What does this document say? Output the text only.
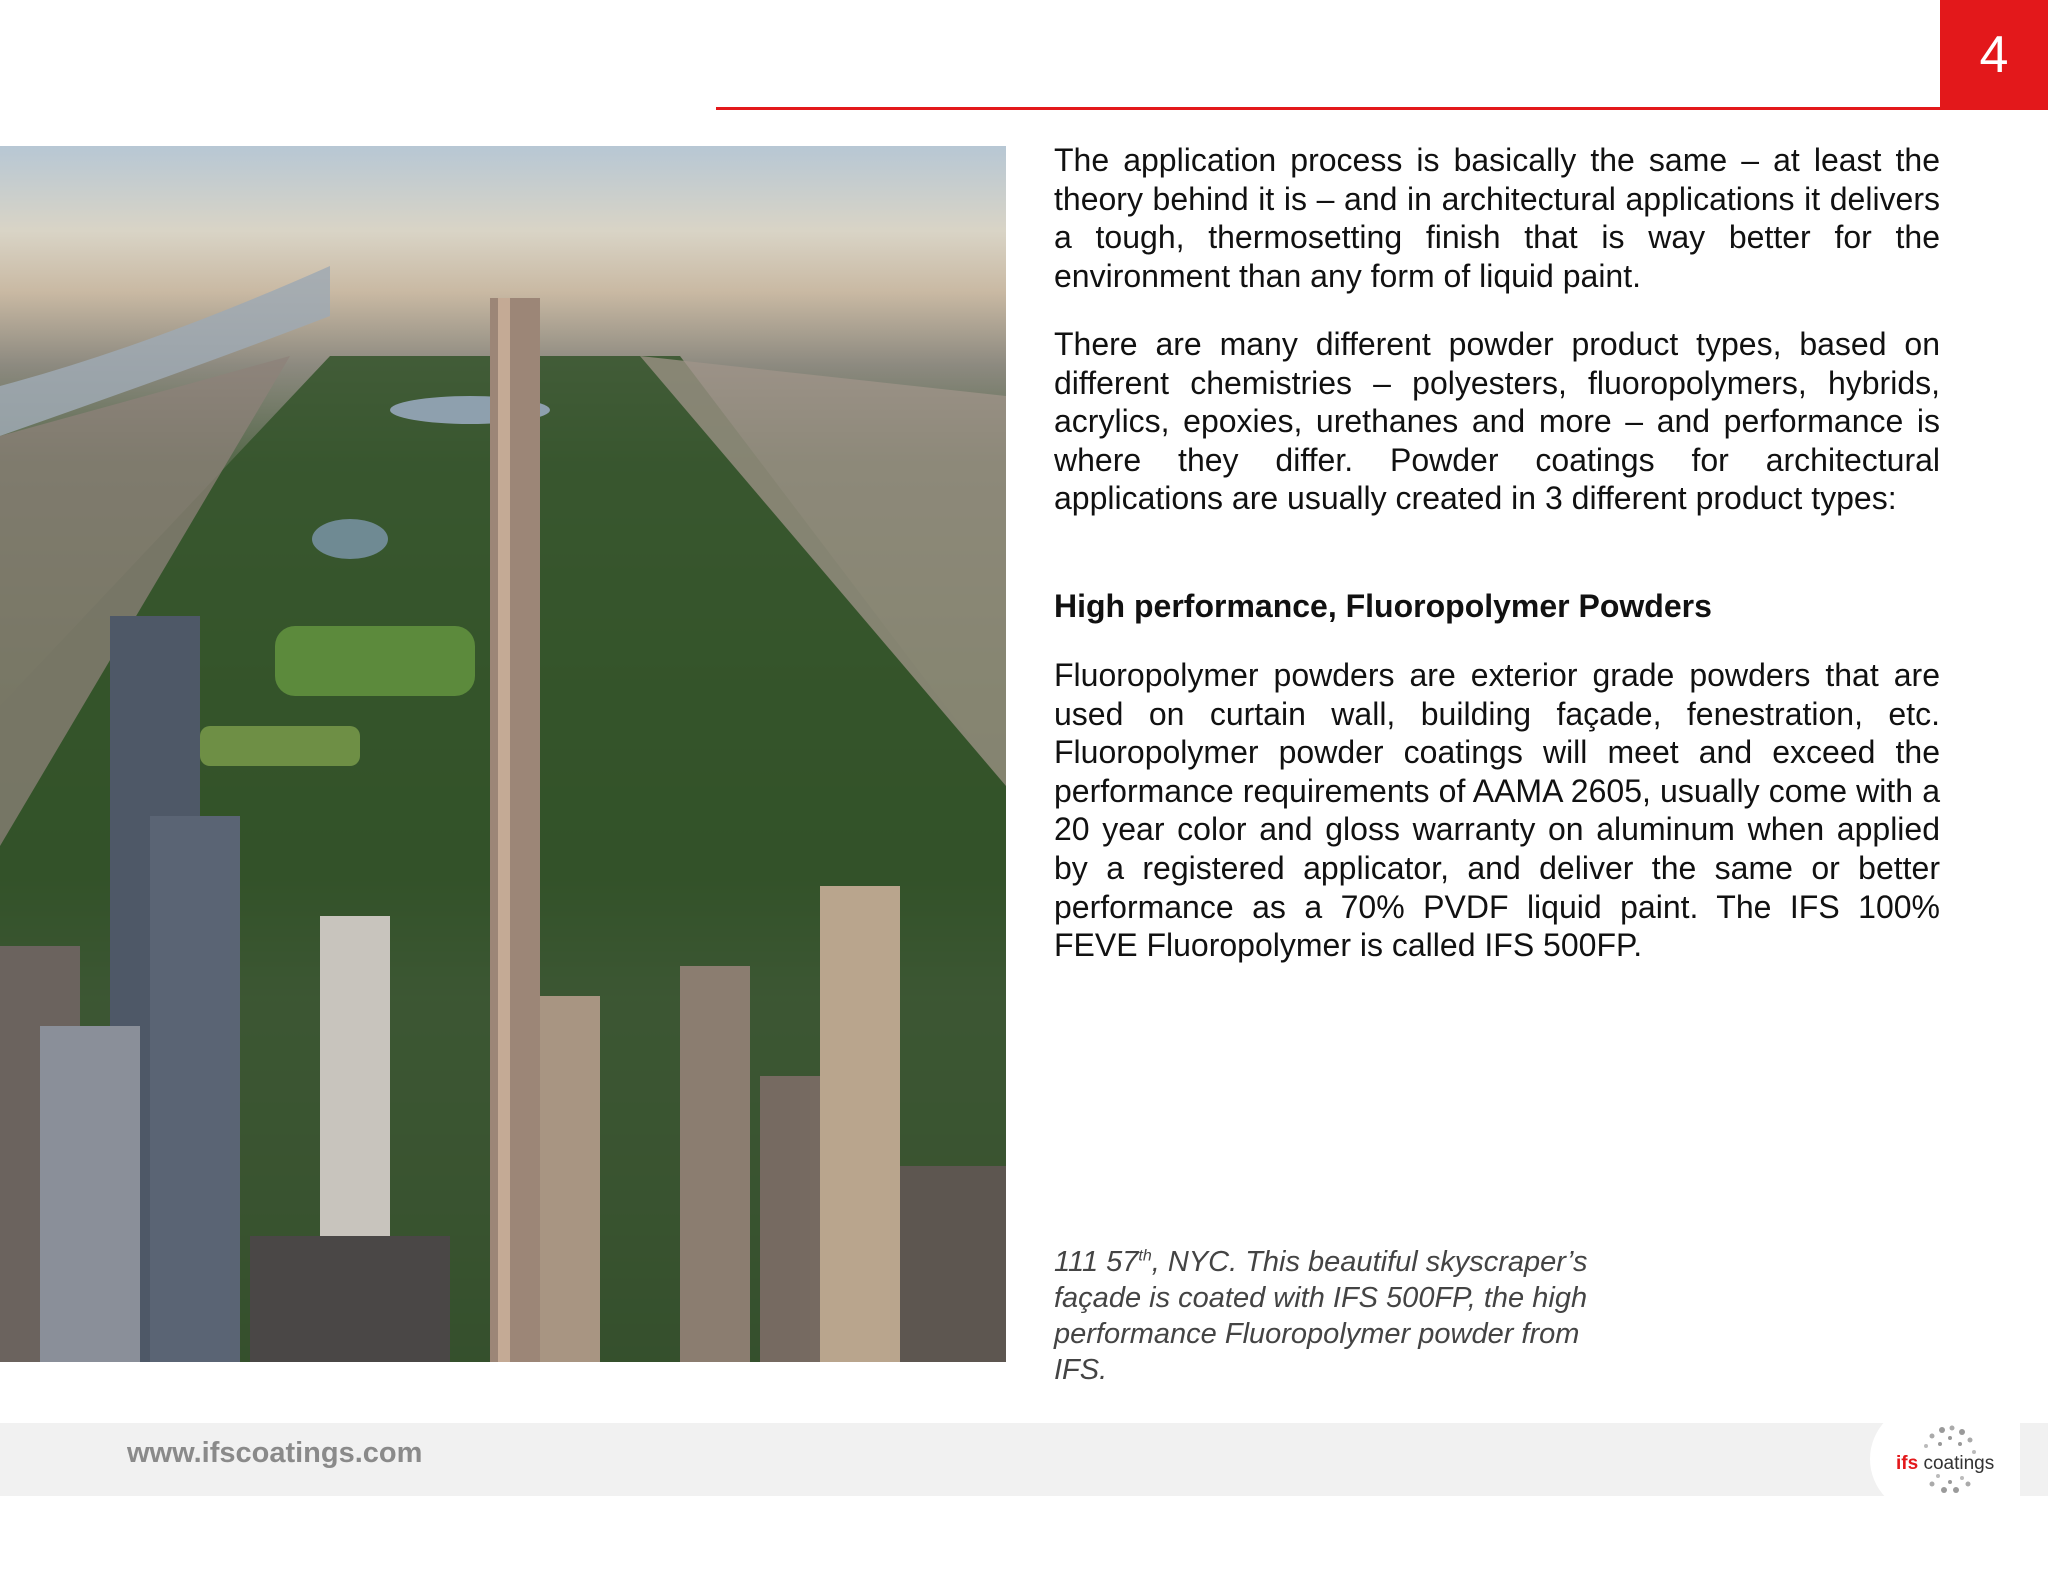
4

The application process is basically the same – at least the theory behind it is – and in architectural applications it delivers a tough, thermosetting finish that is way better for the environment than any form of liquid paint.

There are many different powder product types, based on different chemistries – polyesters, fluoropolymers, hybrids, acrylics, epoxies, urethanes and more – and performance is where they differ. Powder coatings for architectural applications are usually created in 3 different product types:

High performance, Fluoropolymer Powders

Fluoropolymer powders are exterior grade powders that are used on curtain wall, building façade, fenestration, etc. Fluoropolymer powder coatings will meet and exceed the performance requirements of AAMA 2605, usually come with a 20 year color and gloss warranty on aluminum when applied by a registered applicator, and deliver the same or better performance as a 70% PVDF liquid paint. The IFS 100% FEVE Fluoropolymer is called IFS 500FP.

111 57th, NYC. This beautiful skyscraper’s façade is coated with IFS 500FP, the high performance Fluoropolymer powder from IFS.

www.ifscoatings.com	ifs coatings
